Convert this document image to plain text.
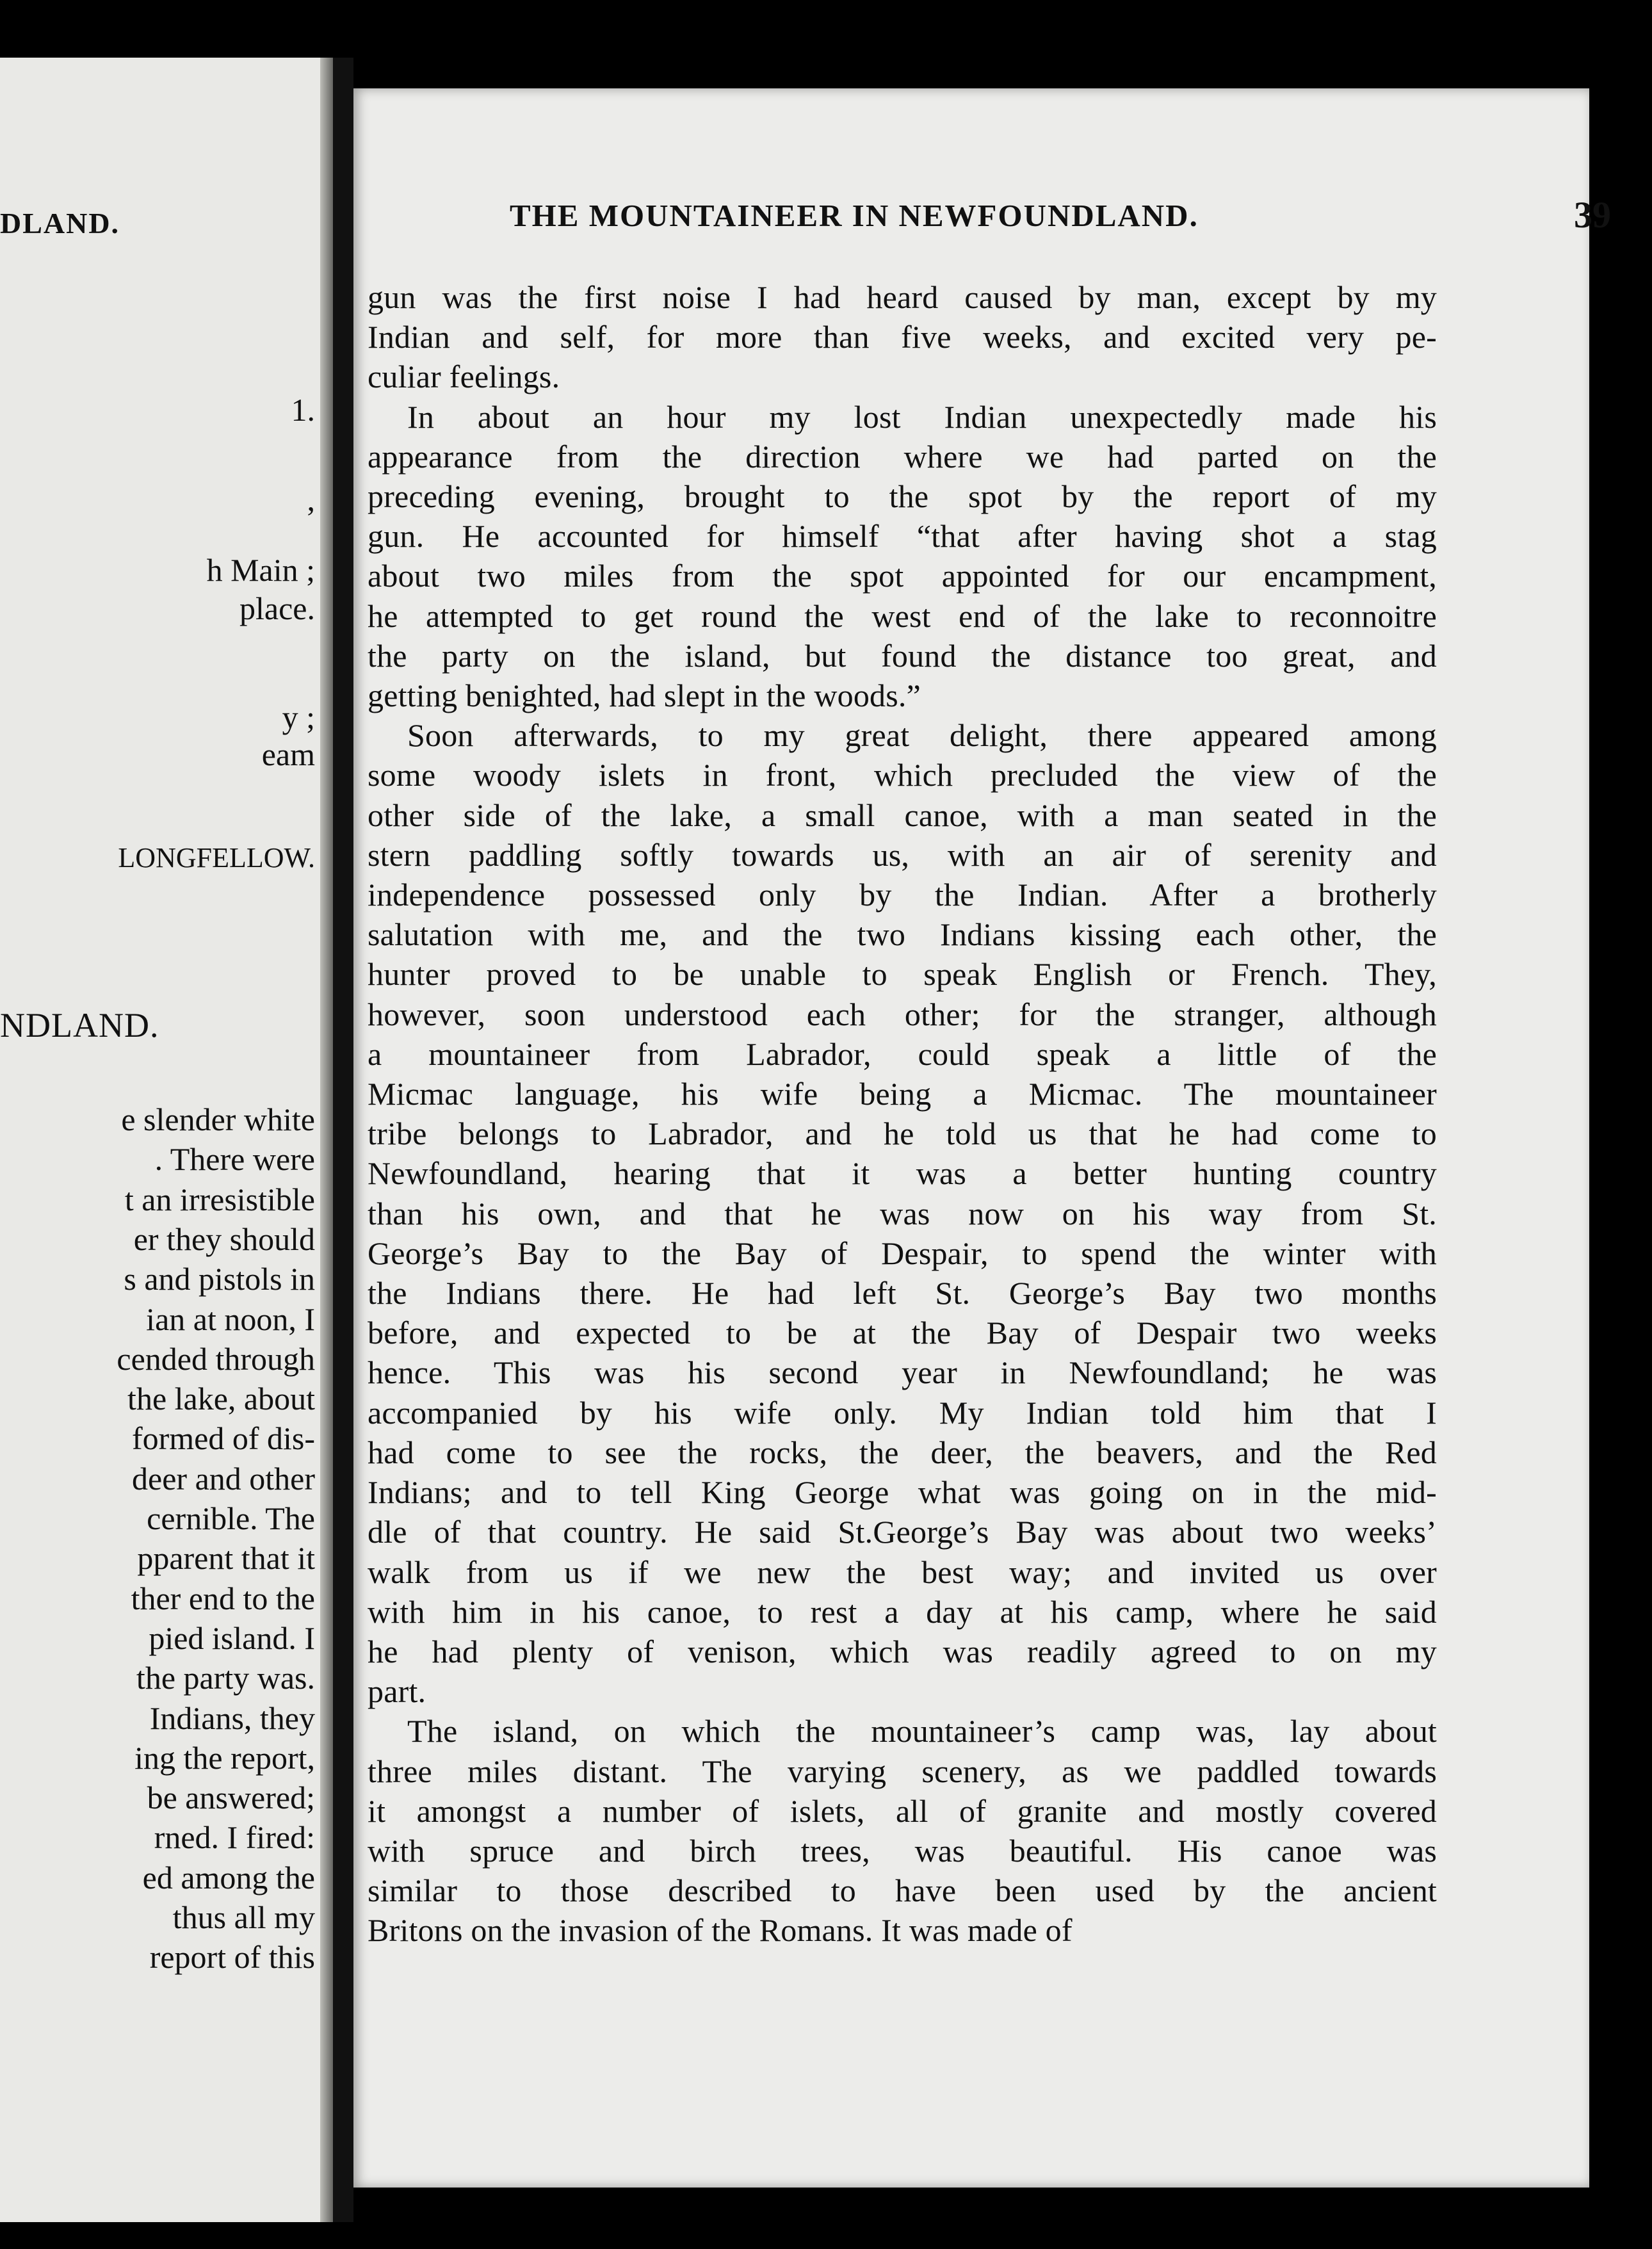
DLAND.
1.
,
h Main ;
place.
y ;
eam
LONGFELLOW.
NDLAND.
e slender white
. There were
t an irresistible
er they should
s and pistols in
ian at noon, I
cended through
the lake, about
formed of dis-
deer and other
cernible. The
pparent that it
ther end to the
pied island. I
the party was.
Indians, they
ing the report,
be answered;
rned. I fired:
ed among the
thus all my
report of this
THE MOUNTAINEER IN NEWFOUNDLAND.	39
gun was the first noise I had heard caused by man, except by my
Indian and self, for more than five weeks, and excited very pe-
culiar feelings.
In about an hour my lost Indian unexpectedly made his
appearance from the direction where we had parted on the
preceding evening, brought to the spot by the report of my
gun. He accounted for himself “that after having shot a stag
about two miles from the spot appointed for our encampment,
he attempted to get round the west end of the lake to reconnoitre
the party on the island, but found the distance too great, and
getting benighted, had slept in the woods.”
Soon afterwards, to my great delight, there appeared among
some woody islets in front, which precluded the view of the
other side of the lake, a small canoe, with a man seated in the
stern paddling softly towards us, with an air of serenity and
independence possessed only by the Indian. After a brotherly
salutation with me, and the two Indians kissing each other, the
hunter proved to be unable to speak English or French. They,
however, soon understood each other; for the stranger, although
a mountaineer from Labrador, could speak a little of the
Micmac language, his wife being a Micmac. The mountaineer
tribe belongs to Labrador, and he told us that he had come to
Newfoundland, hearing that it was a better hunting country
than his own, and that he was now on his way from St.
George’s Bay to the Bay of Despair, to spend the winter with
the Indians there. He had left St. George’s Bay two months
before, and expected to be at the Bay of Despair two weeks
hence. This was his second year in Newfoundland; he was
accompanied by his wife only. My Indian told him that I
had come to see the rocks, the deer, the beavers, and the Red
Indians; and to tell King George what was going on in the mid-
dle of that country. He said St.George’s Bay was about two weeks’
walk from us if we new the best way; and invited us over
with him in his canoe, to rest a day at his camp, where he said
he had plenty of venison, which was readily agreed to on my
part.
The island, on which the mountaineer’s camp was, lay about
three miles distant. The varying scenery, as we paddled towards
it amongst a number of islets, all of granite and mostly covered
with spruce and birch trees, was beautiful. His canoe was
similar to those described to have been used by the ancient
Britons on the invasion of the Romans. It was made of
